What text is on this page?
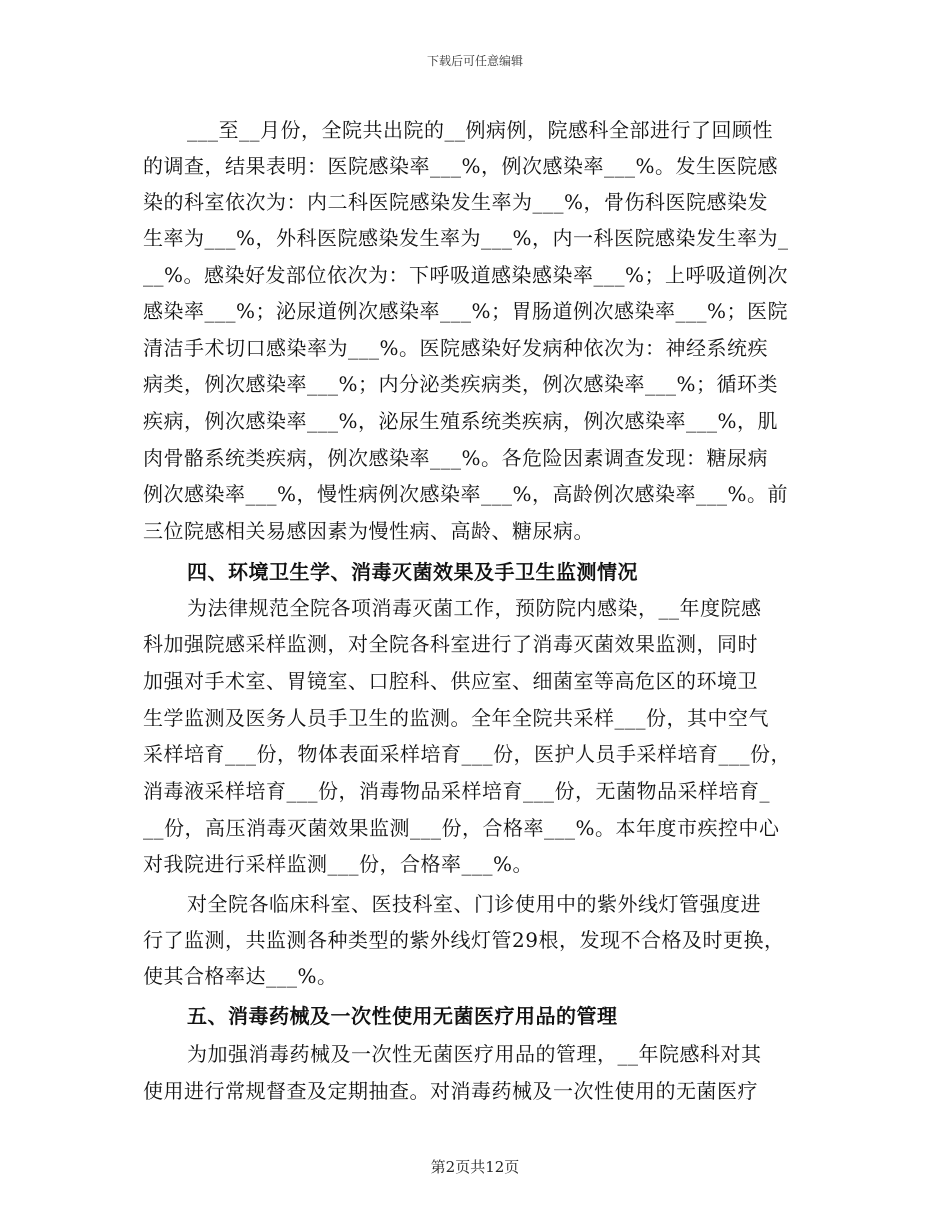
下载后可任意编辑
___至__月份，全院共出院的__例病例，院感科全部进行了回顾性
的调查，结果表明：医院感染率___%，例次感染率___%。发生医院感
染的科室依次为：内二科医院感染发生率为___%，骨伤科医院感染发
生率为___%，外科医院感染发生率为___%，内一科医院感染发生率为_
__%。感染好发部位依次为：下呼吸道感染感染率___%；上呼吸道例次
感染率___%；泌尿道例次感染率___%；胃肠道例次感染率___%；医院
清洁手术切口感染率为___%。医院感染好发病种依次为：神经系统疾
病类，例次感染率___%；内分泌类疾病类，例次感染率___%；循环类
疾病，例次感染率___%，泌尿生殖系统类疾病，例次感染率___%，肌
肉骨骼系统类疾病，例次感染率___%。各危险因素调查发现：糖尿病
例次感染率___%，慢性病例次感染率___%，高龄例次感染率___%。前
三位院感相关易感因素为慢性病、高龄、糖尿病。
四、环境卫生学、消毒灭菌效果及手卫生监测情况
为法律规范全院各项消毒灭菌工作，预防院内感染，__年度院感
科加强院感采样监测，对全院各科室进行了消毒灭菌效果监测，同时
加强对手术室、胃镜室、口腔科、供应室、细菌室等高危区的环境卫
生学监测及医务人员手卫生的监测。全年全院共采样___份，其中空气
采样培育___份，物体表面采样培育___份，医护人员手采样培育___份，
消毒液采样培育___份，消毒物品采样培育___份，无菌物品采样培育_
__份，高压消毒灭菌效果监测___份，合格率___%。本年度市疾控中心
对我院进行采样监测___份，合格率___%。
对全院各临床科室、医技科室、门诊使用中的紫外线灯管强度进
行了监测，共监测各种类型的紫外线灯管29根，发现不合格及时更换，
使其合格率达___%。
五、消毒药械及一次性使用无菌医疗用品的管理
为加强消毒药械及一次性无菌医疗用品的管理，__年院感科对其
使用进行常规督查及定期抽查。对消毒药械及一次性使用的无菌医疗
第2页共12页
